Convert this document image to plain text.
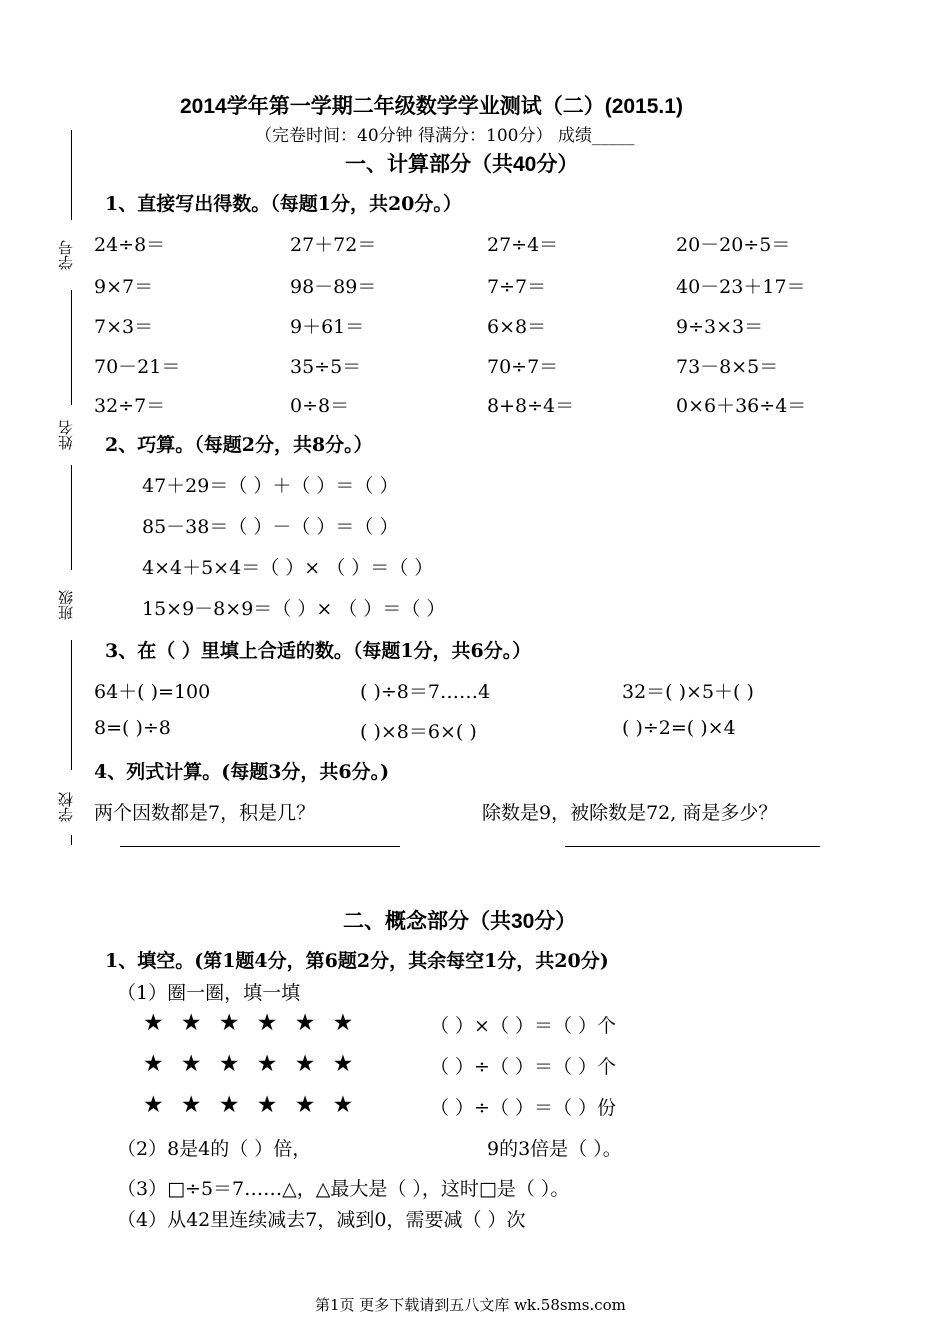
学号
姓名
班级
学校
2014学年第一学期二年级数学学业测试（二）(2015.1)
（完卷时间：40分钟 得满分：100分） 成绩_____
一、计算部分（共40分）
1、直接写出得数。（每题1分，共20分。）
24÷8＝	27＋72＝	27÷4＝	20－20÷5＝
9×7＝	98－89＝	7÷7＝	40－23＋17＝
7×3＝	9＋61＝	6×8＝	9÷3×3＝
70－21＝	35÷5＝	70÷7＝	73－8×5＝
32÷7＝	0÷8＝	8+8÷4＝	0×6＋36÷4＝
2、巧算。（每题2分，共8分。）
47＋29＝（ ）＋（ ）＝（ ）
85－38＝（ ）－（ ）＝（ ）
4×4＋5×4＝（ ）× （ ）＝（ ）
15×9－8×9＝（ ）× （ ）＝（ ）
3、在（ ）里填上合适的数。（每题1分，共6分。）
64＋( )=100	( )÷8＝7……4	32＝( )×5＋( )
8=( )÷8	( )×8＝6×( )	( )÷2=( )×4
4、列式计算。(每题3分，共6分。)
两个因数都是7，积是几？	除数是9，被除数是72, 商是多少？
二、概念部分（共30分）
1、填空。(第1题4分，第6题2分，其余每空1分，共20分)
（1）圈一圈，填一填
★ ★ ★ ★ ★ ★	（ ）×（ ）＝（ ）个
★ ★ ★ ★ ★ ★	（ ）÷（ ）＝（ ）个
★ ★ ★ ★ ★ ★	（ ）÷（ ）＝（ ）份
（2）8是4的（ ）倍，	9的3倍是（ ）。
（3）□÷5＝7……△，△最大是（ ），这时□是（ ）。
（4）从42里连续减去7，减到0，需要减（ ）次
第1页 更多下载请到五八文库 wk.58sms.com
